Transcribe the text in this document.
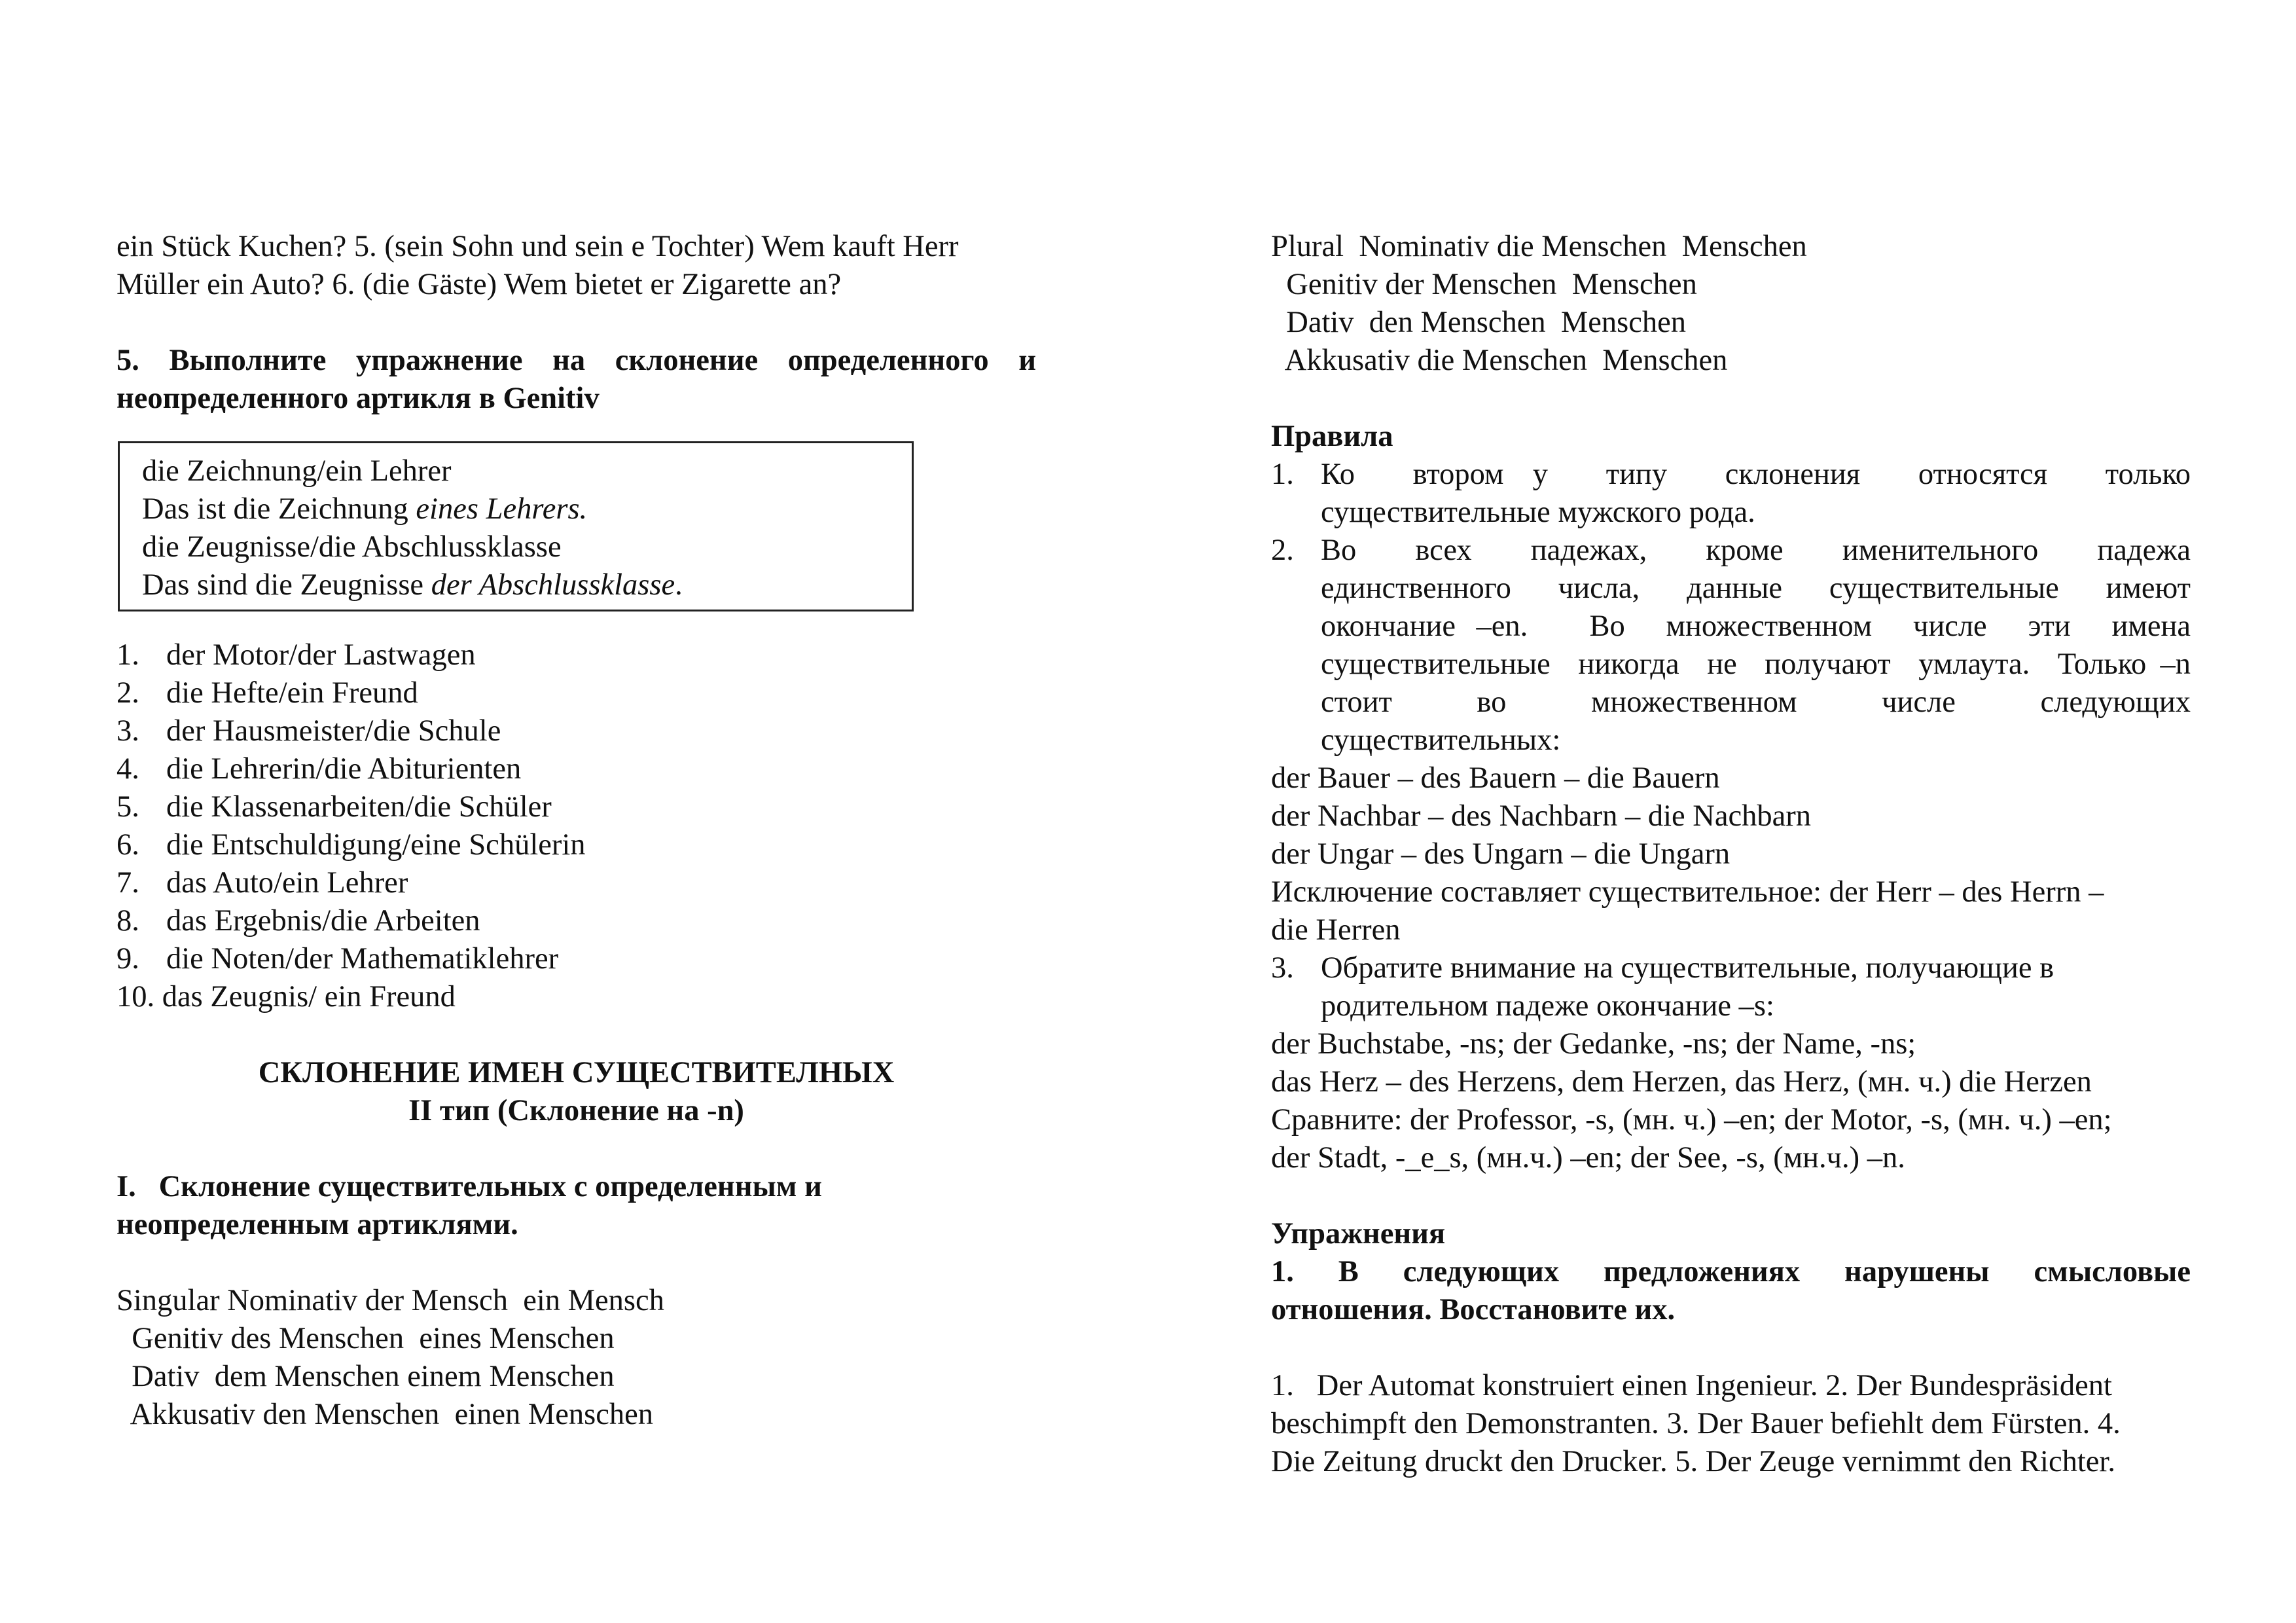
ein Stück Kuchen? 5. (sein Sohn und sein e Tochter) Wem kauft Herr

Müller ein Auto? 6. (die Gäste) Wem bietet er Zigarette an?

5.  Выполните  упражнение  на  склонение  определенного  и

неопределенного артикля в Genitiv

die Zeichnung/ein Lehrer

Das ist die Zeichnung eines Lehrers.

die Zeugnisse/die Abschlussklasse

Das sind die Zeugnisse der Abschlussklasse.

1. der Motor/der Lastwagen
2. die Hefte/ein Freund
3. der Hausmeister/die Schule
4. die Lehrerin/die Abiturienten
5. die Klassenarbeiten/die Schüler
6. die Entschuldigung/eine Schülerin
7. das Auto/ein Lehrer
8. das Ergebnis/die Arbeiten
9. die Noten/der Mathematiklehrer
10. das Zeugnis/ ein Freund

СКЛОНЕНИЕ ИМЕН СУЩЕСТВИТЕЛНЫХ

II тип (Склонение на -n)

I.   Склонение существительных с определенным и

неопределенным артиклями.

Singular Nominativ der Mensch  ein Mensch

Genitiv des Menschen  eines Menschen

Dativ  dem Menschen einem Menschen

Akkusativ den Menschen  einen Menschen

Plural  Nominativ die Menschen  Menschen

Genitiv der Menschen  Menschen

Dativ  den Menschen  Menschen

Akkusativ die Menschen  Menschen

Правила

1. Ко  втором у  типу  склонения  относятся  только

существительные мужского рода.

2. Во  всех  падежах,  кроме  именительного  падежа

единственного  числа,  данные  существительные  имеют окончание –en.   Во  множественном  числе  эти  имена существительные  никогда  не  получают  умлаута.  Только –n стоит  во  множественном  числе  следующих

существительных:

der Bauer – des Bauern – die Bauern

der Nachbar – des Nachbarn – die Nachbarn

der Ungar – des Ungarn – die Ungarn

Исключение составляет существительное: der Herr – des Herrn –

die Herren

3. Обратите внимание на существительные, получающие в

родительном падеже окончание –s:

der Buchstabe, -ns; der Gedanke, -ns; der Name, -ns;

das Herz – des Herzens, dem Herzen, das Herz, (мн. ч.) die Herzen

Сравните: der Professor, -s, (мн. ч.) –en; der Motor, -s, (мн. ч.) –en;

der Stadt, -_e_s, (мн.ч.) –en; der See, -s, (мн.ч.) –n.

Упражнения

1.  В  следующих  предложениях  нарушены  смысловые

отношения. Восстановите их.

1.   Der Automat konstruiert einen Ingenieur. 2. Der Bundespräsident

beschimpft den Demonstranten. 3. Der Bauer befiehlt dem Fürsten. 4.

Die Zeitung druckt den Drucker. 5. Der Zeuge vernimmt den Richter.
